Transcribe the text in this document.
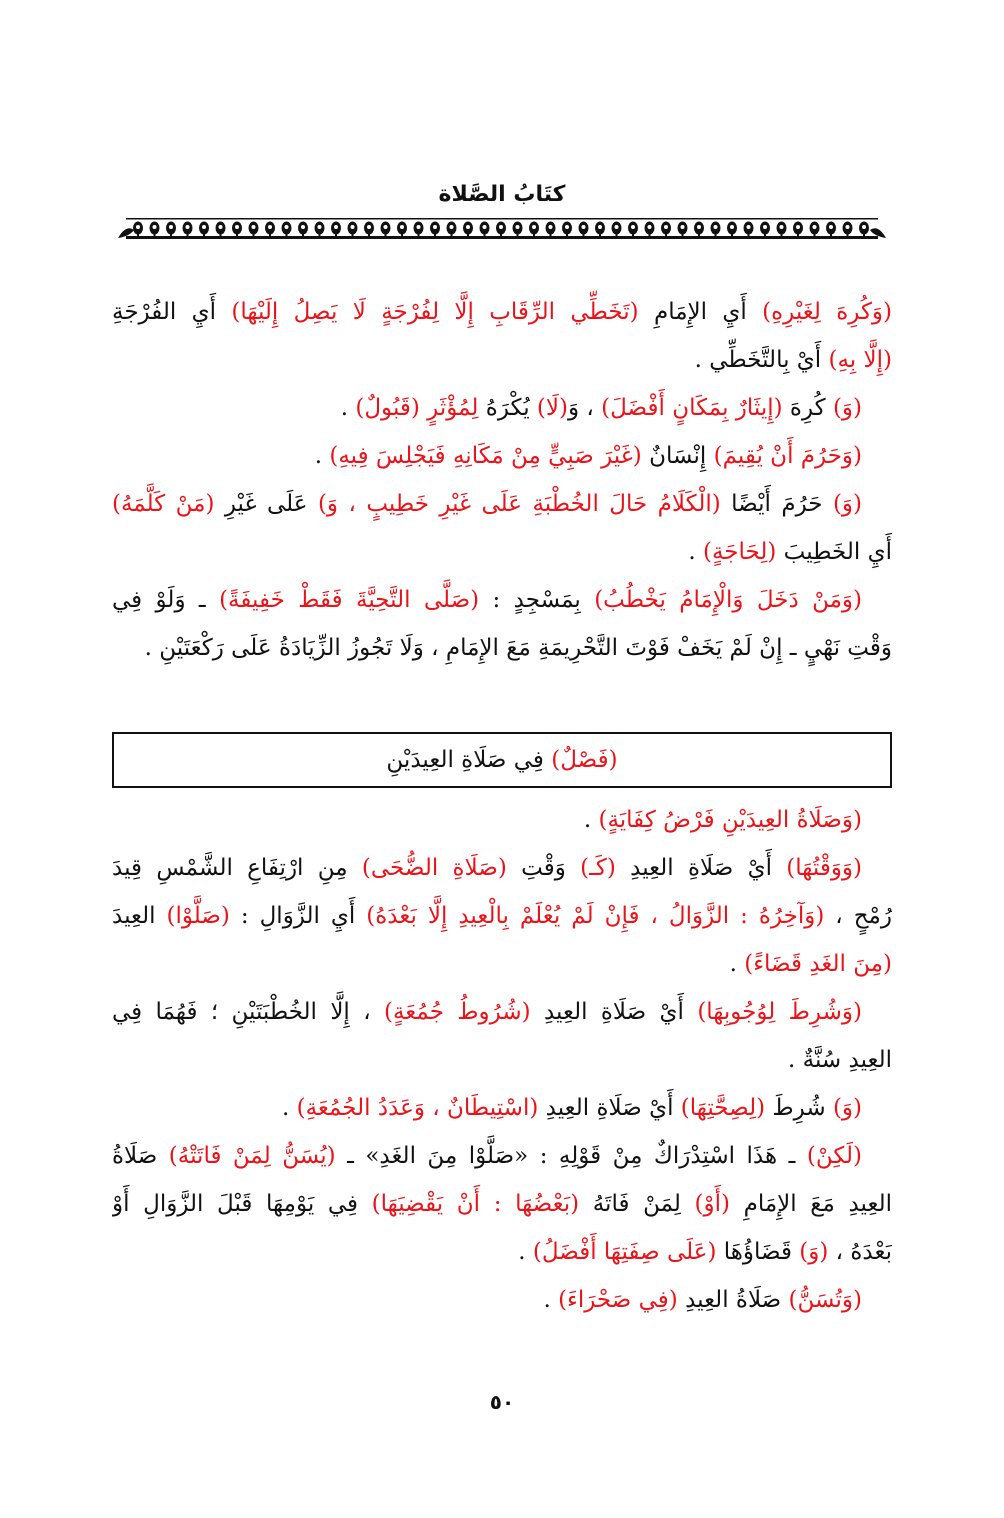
كتَابُ الصَّلاة
(وَكُرِهَ لِغَيْرِهِ) أَيِ الإِمَامِ (تَخَطِّي الرِّقَابِ إِلَّا لِفُرْجَةٍ لَا يَصِلُ إِلَيْهَا) أَيِ الفُرْجَةِ
(إِلَّا بِهِ) أَيْ بِالتَّخَطِّي .
(وَ) كُرِهَ (إِيثَارٌ بِمَكَانٍ أَفْضَلَ) ، وَ(لَا) يُكْرَهُ لِمُؤْثَرٍ (قَبُولٌ) .
(وَحَرُمَ أَنْ يُقِيمَ) إِنْسَانٌ (غَيْرَ صَبِيٍّ مِنْ مَكَانِهِ فَيَجْلِسَ فِيهِ) .
(وَ) حَرُمَ أَيْضًا (الْكَلَامُ حَالَ الخُطْبَةِ عَلَى غَيْرِ خَطِيبٍ ، وَ) عَلَى غَيْرِ (مَنْ كَلَّمَهُ)
أَيِ الخَطِيبَ (لِحَاجَةٍ) .
(وَمَنْ دَخَلَ وَالْإِمَامُ يَخْطُبُ) بِمَسْجِدٍ : (صَلَّى التَّحِيَّةَ فَقَطْ خَفِيفَةً) ـ وَلَوْ فِي
وَقْتِ نَهْيٍ ـ إِنْ لَمْ يَخَفْ فَوْتَ التَّحْرِيمَةِ مَعَ الإِمَامِ ، وَلَا تَجُوزُ الزِّيَادَةُ عَلَى رَكْعَتَيْنِ .
(فَصْلٌ) فِي صَلَاةِ العِيدَيْنِ
(وَصَلَاةُ العِيدَيْنِ فَرْضُ كِفَايَةٍ) .
(وَوَقْتُهَا) أَيْ صَلَاةِ العِيدِ (كَـ) وَقْتِ (صَلَاةِ الضُّحَى) مِنِ ارْتِفَاعِ الشَّمْسِ قِيدَ
رُمْحٍ ، (وَآخِرُهُ : الزَّوَالُ ، فَإِنْ لَمْ يُعْلَمْ بِالْعِيدِ إِلَّا بَعْدَهُ) أَيِ الزَّوَالِ : (صَلَّوْا) العِيدَ
(مِنَ الغَدِ قَضَاءً) .
(وَشُرِطَ لِوُجُوبِهَا) أَيْ صَلَاةِ العِيدِ (شُرُوطُ جُمُعَةٍ) ، إِلَّا الخُطْبَتَيْنِ ؛ فَهُمَا فِي
العِيدِ سُنَّةٌ .
(وَ) شُرِطَ (لِصِحَّتِهَا) أَيْ صَلَاةِ العِيدِ (اسْتِيطَانٌ ، وَعَدَدُ الجُمُعَةِ) .
(لَكِنْ) ـ هَذَا اسْتِدْرَاكٌ مِنْ قَوْلِهِ : «صَلَّوْا مِنَ الغَدِ» ـ (يُسَنُّ لِمَنْ فَاتَتْهُ) صَلَاةُ
العِيدِ مَعَ الإِمَامِ (أَوْ) لِمَنْ فَاتَهُ (بَعْضُهَا : أَنْ يَقْضِيَهَا) فِي يَوْمِهَا قَبْلَ الزَّوَالِ أَوْ
بَعْدَهُ ، (وَ) قَضَاؤُهَا (عَلَى صِفَتِهَا أَفْضَلُ) .
(وَتُسَنُّ) صَلَاةُ العِيدِ (فِي صَحْرَاءَ) .
٥٠
